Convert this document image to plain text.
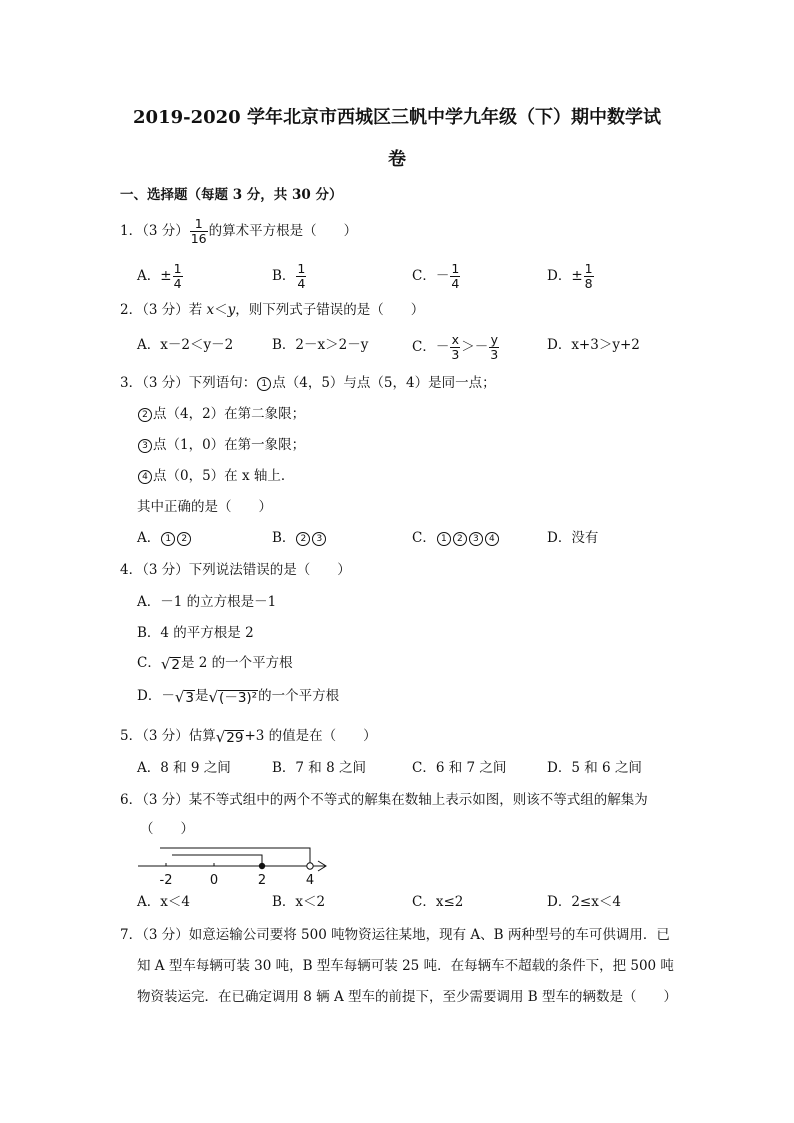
2019-2020 学年北京市西城区三帆中学九年级（下）期中数学试
卷
一、选择题（每题 3 分，共 30 分）
1．（3 分） $\frac{1}{16}$ 的算术平方根是（　　）
A．± $\frac{1}{4}$	B． $\frac{1}{4}$	C．－ $\frac{1}{4}$	D．± $\frac{1}{8}$
2．（3 分）若 x＜y，则下列式子错误的是（　　）
A．x－2＜y－2	B．2－x＞2－y	C．－ $\frac{x}{3} >- \frac{y}{3}$	D．x+3＞y+2
3．（3 分）下列语句： 1 点（4，5）与点（5，4）是同一点；
2 点（4，2）在第二象限；
3 点（1，0）在第一象限；
4 点（0，5）在 x 轴上．
其中正确的是（　　）
A． 1 2	B． 2 3	C． 1 2 3 4	D．没有
4．（3 分）下列说法错误的是（　　）
A．－1 的立方根是－1
B．4 的平方根是 2
C． √ 2 是 2 的一个平方根
D．－ √ 3 是 √ (－3)² 的一个平方根
5．（3 分）估算 √ 29 +3 的值是在（　　）
A．8 和 9 之间	B．7 和 8 之间	C．6 和 7 之间	D．5 和 6 之间
6．（3 分）某不等式组中的两个不等式的解集在数轴上表示如图，则该不等式组的解集为
（　　）
-2	0	2	4
A．x＜4	B．x＜2	C．x≤2	D．2≤x＜4
7．（3 分）如意运输公司要将 500 吨物资运往某地，现有 A、B 两种型号的车可供调用．已
知 A 型车每辆可装 30 吨，B 型车每辆可装 25 吨．在每辆车不超载的条件下，把 500 吨
物资装运完．在已确定调用 8 辆 A 型车的前提下，至少需要调用 B 型车的辆数是（　　）
